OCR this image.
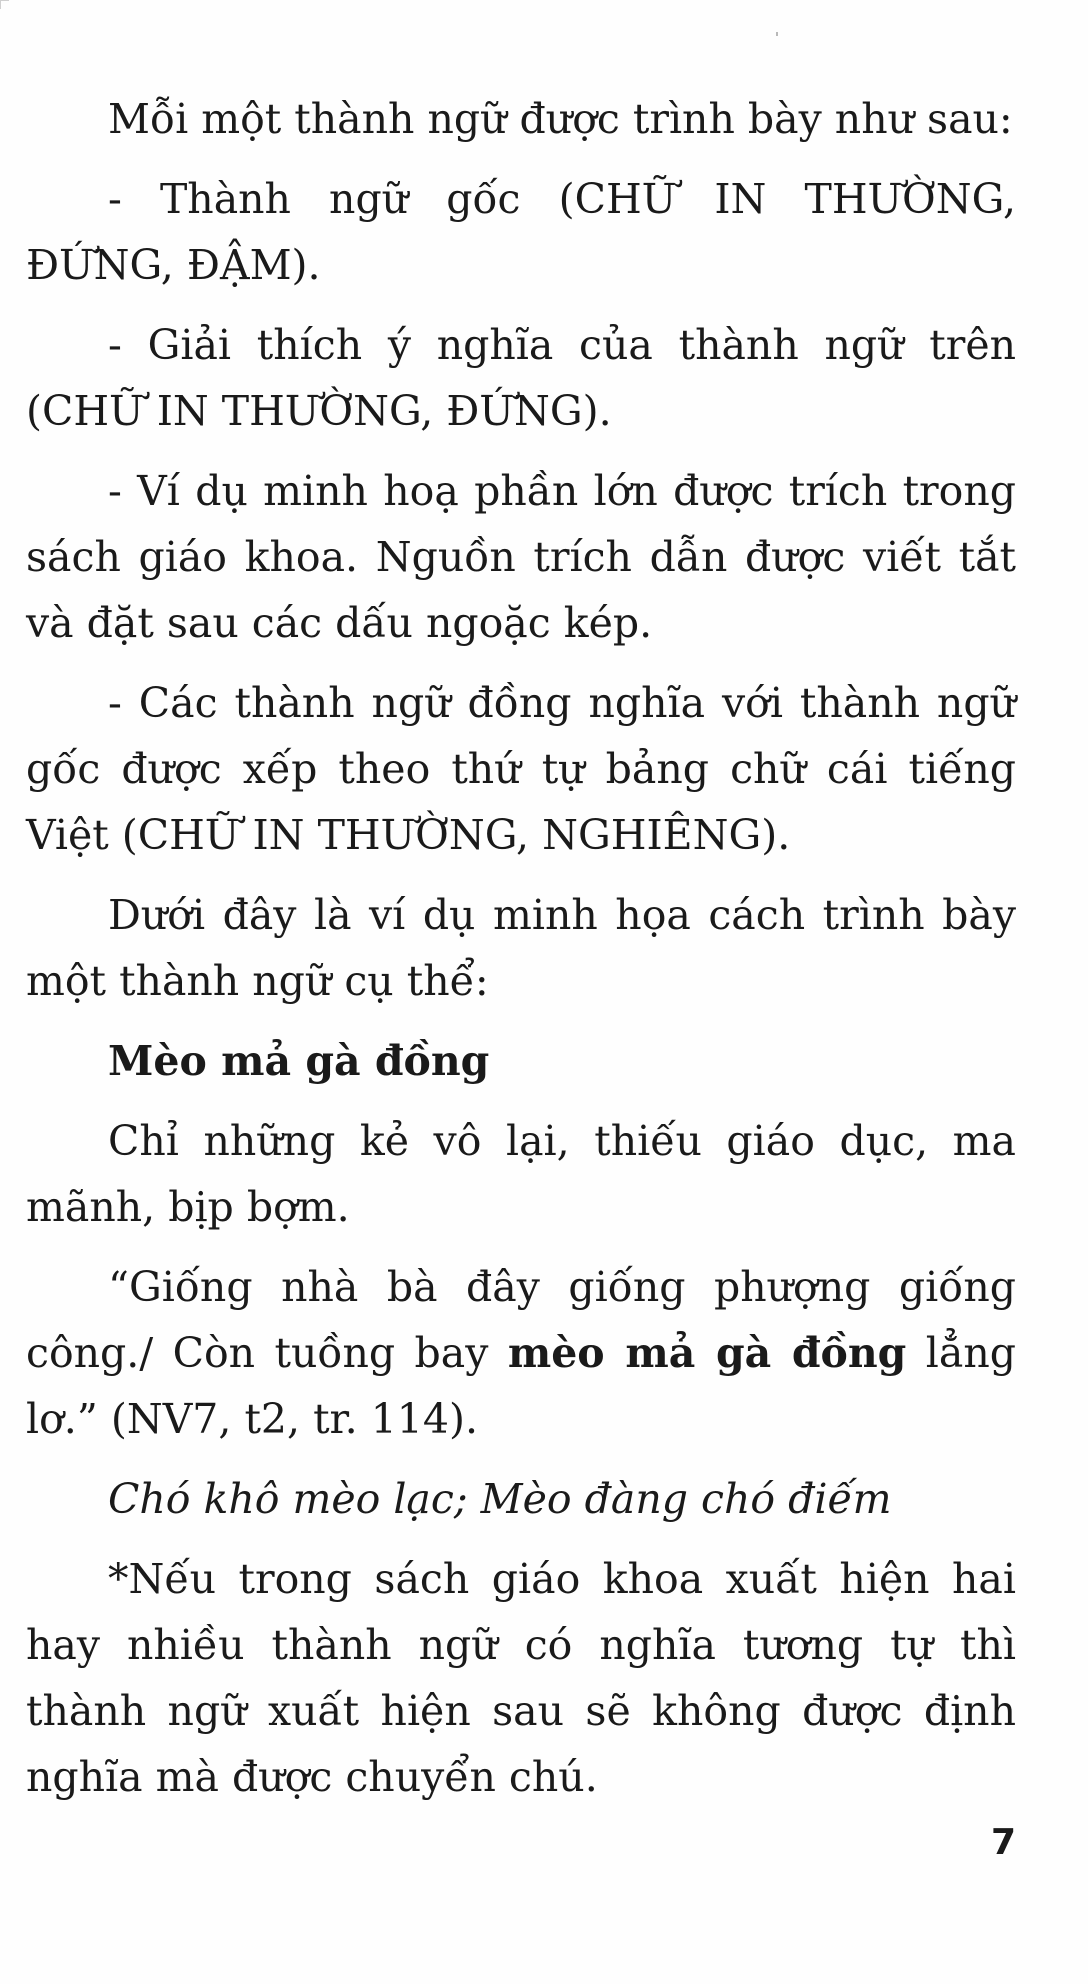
Mỗi một thành ngữ được trình bày như sau:

- Thành ngữ gốc (CHỮ IN THƯỜNG, ĐỨNG, ĐẬM).

- Giải thích ý nghĩa của thành ngữ trên (CHỮ IN THƯỜNG, ĐỨNG).

- Ví dụ minh hoạ phần lớn được trích trong sách giáo khoa. Nguồn trích dẫn được viết tắt và đặt sau các dấu ngoặc kép.

- Các thành ngữ đồng nghĩa với thành ngữ gốc được xếp theo thứ tự bảng chữ cái tiếng Việt (CHỮ IN THƯỜNG, NGHIÊNG).

Dưới đây là ví dụ minh họa cách trình bày một thành ngữ cụ thể:

Mèo mả gà đồng

Chỉ những kẻ vô lại, thiếu giáo dục, ma mãnh, bịp bợm.

“Giống nhà bà đây giống phượng giống công./ Còn tuồng bay mèo mả gà đồng lẳng lơ.” (NV7, t2, tr. 114).

Chó khô mèo lạc; Mèo đàng chó điếm

*Nếu trong sách giáo khoa xuất hiện hai hay nhiều thành ngữ có nghĩa tương tự thì thành ngữ xuất hiện sau sẽ không được định nghĩa mà được chuyển chú.

7
